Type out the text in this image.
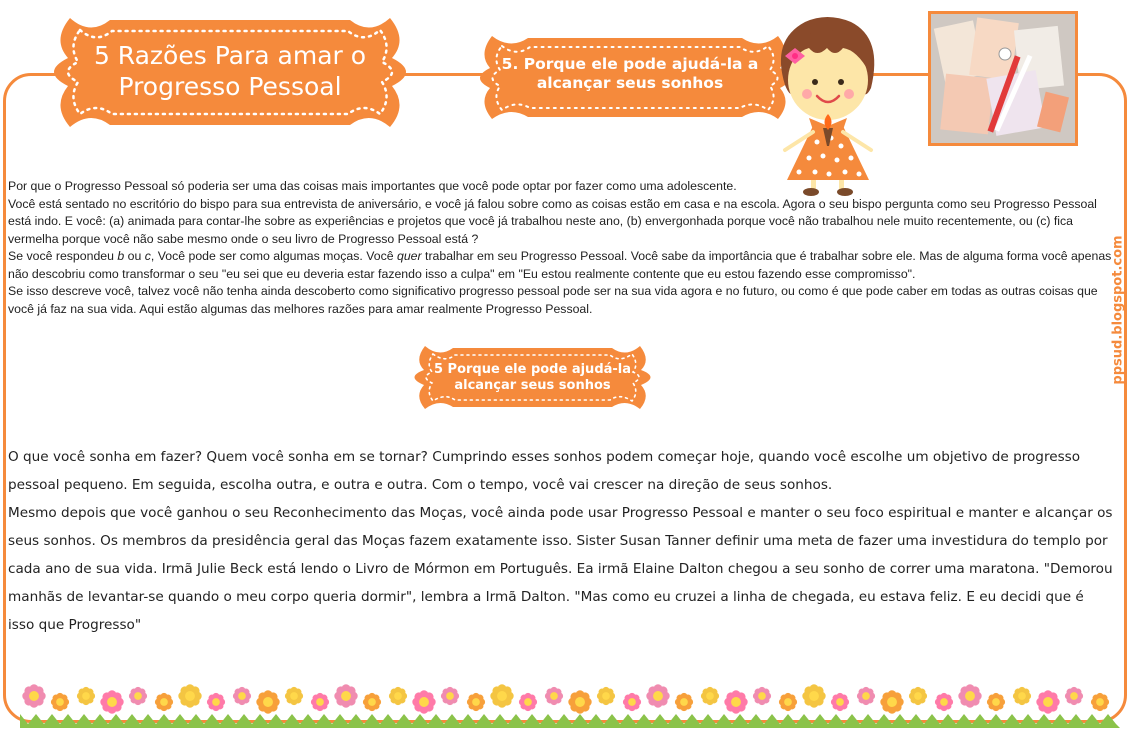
5 Razões Para amar o Progresso Pessoal
5. Porque ele pode ajudá-la a alcançar seus sonhos

Por que o Progresso Pessoal só poderia ser uma das coisas mais importantes que você pode optar por fazer como uma adolescente.

Você está sentado no escritório do bispo para sua entrevista de aniversário, e você já falou sobre como as coisas estão em casa e na escola. Agora o seu bispo pergunta como seu Progresso Pessoal está indo. E você: (a) animada para contar-lhe sobre as experiências e projetos que você já trabalhou neste ano, (b) envergonhada porque você não trabalhou nele muito recentemente, ou (c) fica vermelha porque você não sabe mesmo onde o seu livro de Progresso Pessoal está ?

Se você respondeu b ou c, Você pode ser como algumas moças. Você quer trabalhar em seu Progresso Pessoal. Você sabe da importância que é trabalhar sobre ele. Mas de alguma forma você apenas não descobriu como transformar o seu "eu sei que eu deveria estar fazendo isso a culpa" em "Eu estou realmente contente que eu estou fazendo esse compromisso".

Se isso descreve você, talvez você não tenha ainda descoberto como significativo progresso pessoal pode ser na sua vida agora e no futuro, ou como é que pode caber em todas as outras coisas que você já faz na sua vida. Aqui estão algumas das melhores razões para amar realmente Progresso Pessoal.

5 Porque ele pode ajudá-la alcançar seus sonhos

O que você sonha em fazer? Quem você sonha em se tornar? Cumprindo esses sonhos podem começar hoje, quando você escolhe um objetivo de progresso pessoal pequeno. Em seguida, escolha outra, e outra e outra. Com o tempo, você vai crescer na direção de seus sonhos.

Mesmo depois que você ganhou o seu Reconhecimento das Moças, você ainda pode usar Progresso Pessoal e manter o seu foco espiritual e manter e alcançar os seus sonhos. Os membros da presidência geral das Moças fazem exatamente isso. Sister Susan Tanner definir uma meta de fazer uma investidura do templo por cada ano de sua vida. Irmã Julie Beck está lendo o Livro de Mórmon em Português. Ea irmã Elaine Dalton chegou a seu sonho de correr uma maratona. "Demorou manhãs de levantar-se quando o meu corpo queria dormir", lembra a Irmã Dalton. "Mas como eu cruzei a linha de chegada, eu estava feliz. E eu decidi que é isso que Progresso"

ppsud.blogspot.com
